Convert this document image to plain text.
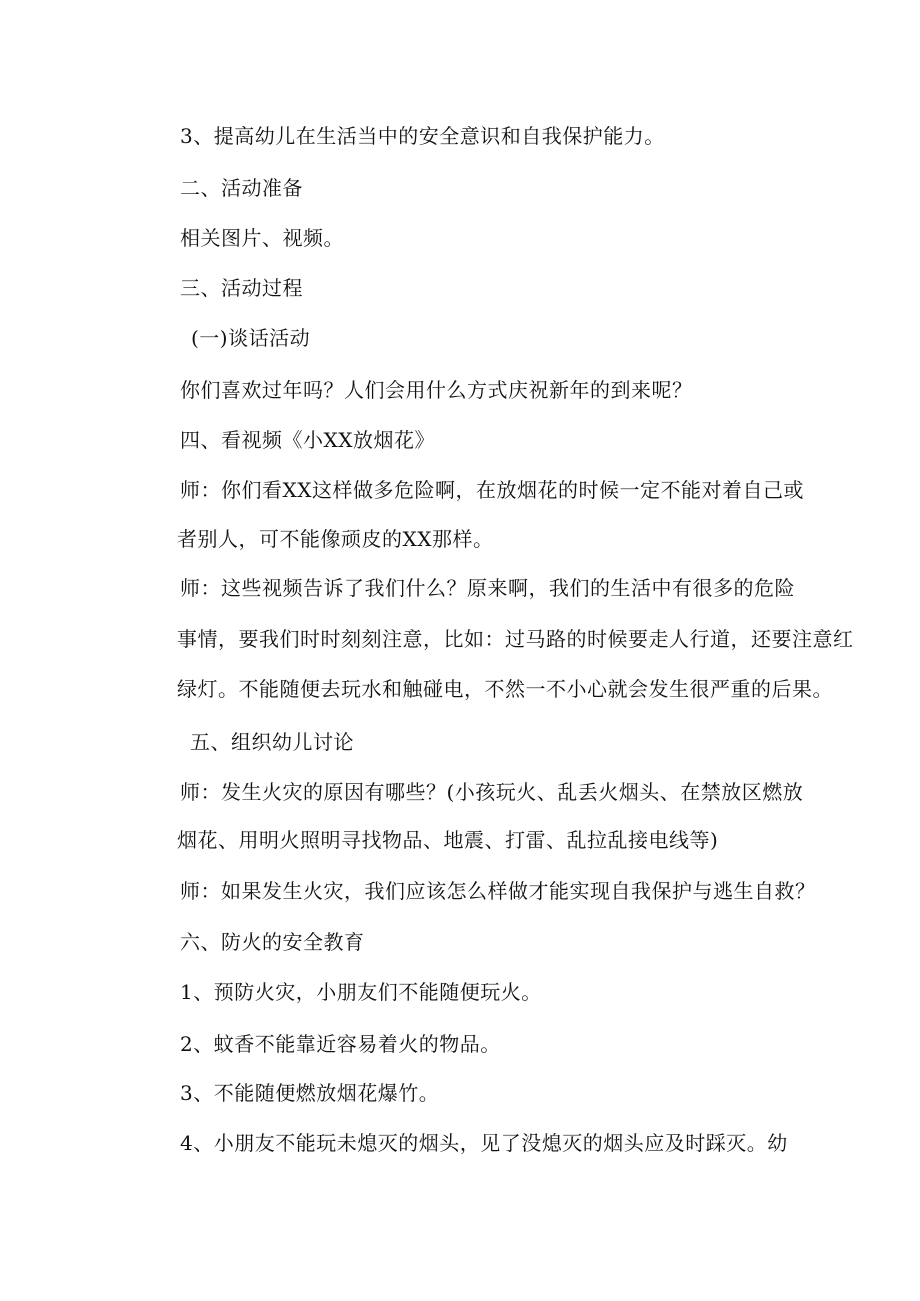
3、提高幼儿在生活当中的安全意识和自我保护能力。
二、活动准备
相关图片、视频。
三、活动过程
(一)谈话活动
你们喜欢过年吗？人们会用什么方式庆祝新年的到来呢？
四、看视频《小XX放烟花》
师：你们看XX这样做多危险啊，在放烟花的时候一定不能对着自己或
者别人，可不能像顽皮的XX那样。
师：这些视频告诉了我们什么？原来啊，我们的生活中有很多的危险
事情，要我们时时刻刻注意，比如：过马路的时候要走人行道，还要注意红
绿灯。不能随便去玩水和触碰电，不然一不小心就会发生很严重的后果。
五、组织幼儿讨论
师：发生火灾的原因有哪些？(小孩玩火、乱丢火烟头、在禁放区燃放
烟花、用明火照明寻找物品、地震、打雷、乱拉乱接电线等)
师：如果发生火灾，我们应该怎么样做才能实现自我保护与逃生自救？
六、防火的安全教育
1、预防火灾，小朋友们不能随便玩火。
2、蚊香不能靠近容易着火的物品。
3、不能随便燃放烟花爆竹。
4、小朋友不能玩未熄灭的烟头，见了没熄灭的烟头应及时踩灭。幼
